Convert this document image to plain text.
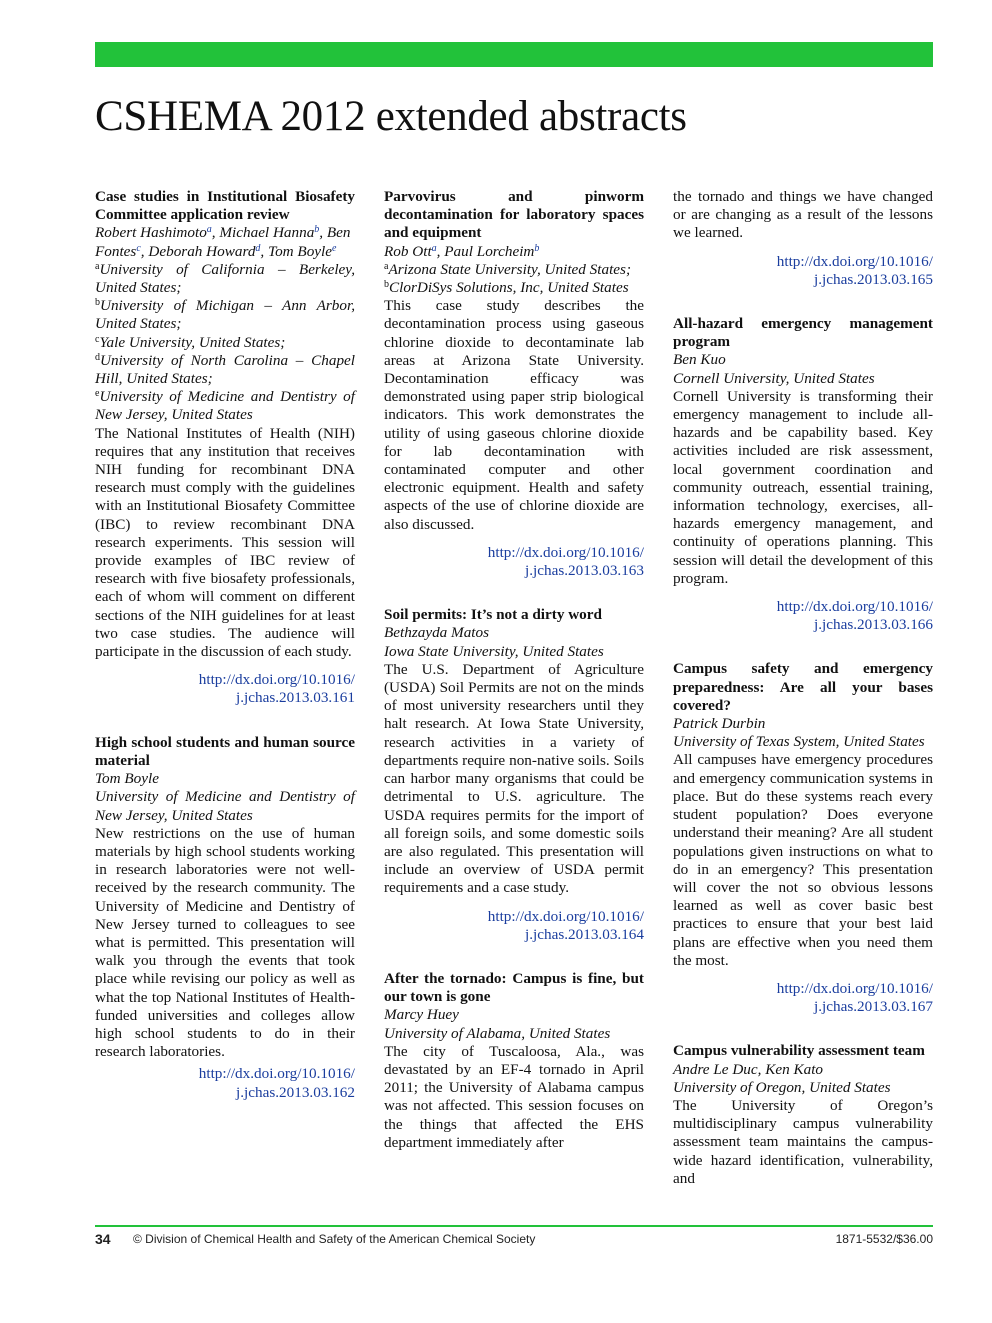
CSHEMA 2012 extended abstracts

Case studies in Institutional Biosafety Committee application review

Robert Hashimoto$^a$, Michael Hanna$^b$, Ben Fontes$^c$, Deborah Howard$^d$, Tom Boyle$^e$

$^a$University of California – Berkeley, United States;

$^b$University of Michigan – Ann Arbor, United States;

$^c$Yale University, United States;

$^d$University of North Carolina – Chapel Hill, United States;

$^e$University of Medicine and Dentistry of New Jersey, United States

The National Institutes of Health (NIH) requires that any institution that receives NIH funding for recombinant DNA research must comply with the guidelines with an Institutional Biosafety Committee (IBC) to review recombinant DNA research experiments. This session will provide examples of IBC review of research with five biosafety professionals, each of whom will comment on different sections of the NIH guidelines for at least two case studies. The audience will participate in the discussion of each study.

http://dx.doi.org/10.1016/
j.jchas.2013.03.161

High school students and human source material

Tom Boyle

University of Medicine and Dentistry of New Jersey, United States

New restrictions on the use of human materials by high school students working in research laboratories were not well-received by the research community. The University of Medicine and Dentistry of New Jersey turned to colleagues to see what is permitted. This presentation will walk you through the events that took place while revising our policy as well as what the top National Institutes of Health-funded universities and colleges allow high school students to do in their research laboratories.

http://dx.doi.org/10.1016/
j.jchas.2013.03.162

Parvovirus and pinworm decontamination for laboratory spaces and equipment

Rob Ott$^a$, Paul Lorcheim$^b$

$^a$Arizona State University, United States;

$^b$ClorDiSys Solutions, Inc, United States

This case study describes the decontamination process using gaseous chlorine dioxide to decontaminate lab areas at Arizona State University. Decontamination efficacy was demonstrated using paper strip biological indicators. This work demonstrates the utility of using gaseous chlorine dioxide for lab decontamination with contaminated computer and other electronic equipment. Health and safety aspects of the use of chlorine dioxide are also discussed.

http://dx.doi.org/10.1016/
j.jchas.2013.03.163

Soil permits: It’s not a dirty word

Bethzayda Matos

Iowa State University, United States

The U.S. Department of Agriculture (USDA) Soil Permits are not on the minds of most university researchers until they halt research. At Iowa State University, research activities in a variety of departments require non-native soils. Soils can harbor many organisms that could be detrimental to U.S. agriculture. The USDA requires permits for the import of all foreign soils, and some domestic soils are also regulated. This presentation will include an overview of USDA permit requirements and a case study.

http://dx.doi.org/10.1016/
j.jchas.2013.03.164

After the tornado: Campus is fine, but our town is gone

Marcy Huey

University of Alabama, United States

The city of Tuscaloosa, Ala., was devastated by an EF-4 tornado in April 2011; the University of Alabama campus was not affected. This session focuses on the things that affected the EHS department immediately after

the tornado and things we have changed or are changing as a result of the lessons we learned.

http://dx.doi.org/10.1016/
j.jchas.2013.03.165

All-hazard emergency management program

Ben Kuo

Cornell University, United States

Cornell University is transforming their emergency management to include all-hazards and be capability based. Key activities included are risk assessment, local government coordination and community outreach, essential training, information technology, exercises, all-hazards emergency management, and continuity of operations planning. This session will detail the development of this program.

http://dx.doi.org/10.1016/
j.jchas.2013.03.166

Campus safety and emergency preparedness: Are all your bases covered?

Patrick Durbin

University of Texas System, United States

All campuses have emergency procedures and emergency communication systems in place. But do these systems reach every student population? Does everyone understand their meaning? Are all student populations given instructions on what to do in an emergency? This presentation will cover the not so obvious lessons learned as well as cover basic best practices to ensure that your best laid plans are effective when you need them the most.

http://dx.doi.org/10.1016/
j.jchas.2013.03.167

Campus vulnerability assessment team

Andre Le Duc, Ken Kato

University of Oregon, United States

The University of Oregon’s multidisciplinary campus vulnerability assessment team maintains the campus-wide hazard identification, vulnerability, and

34 © Division of Chemical Health and Safety of the American Chemical Society	1871-5532/$36.00
